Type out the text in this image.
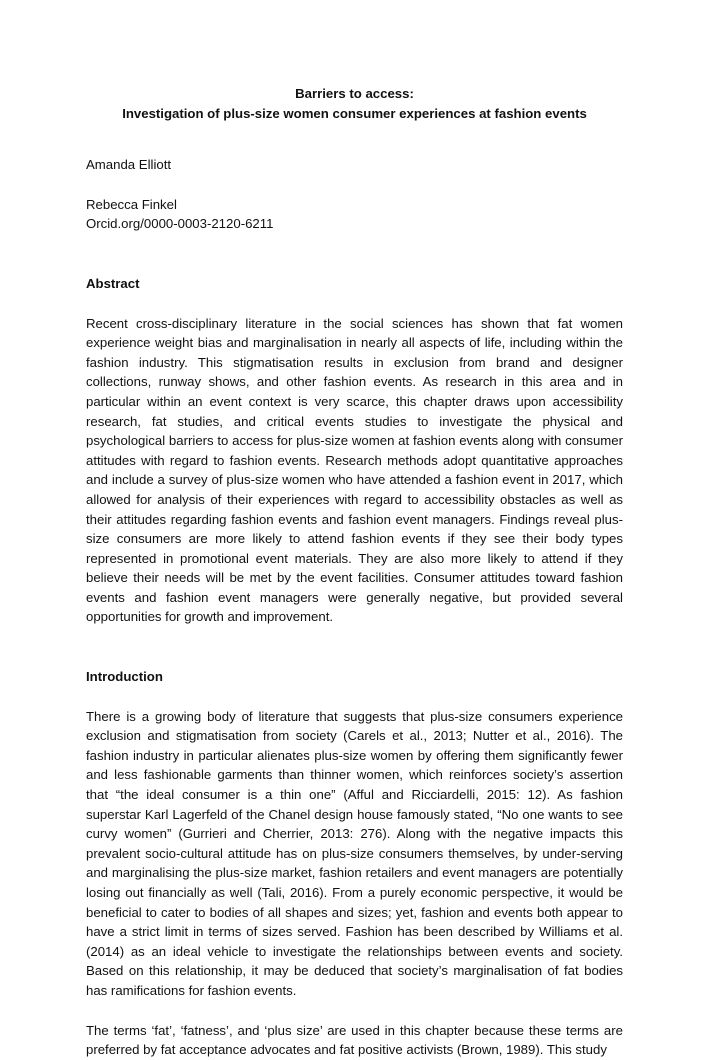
Barriers to access:

Investigation of plus-size women consumer experiences at fashion events

Amanda Elliott

Rebecca Finkel

Orcid.org/0000-0003-2120-6211

Abstract

Recent cross-disciplinary literature in the social sciences has shown that fat women experience weight bias and marginalisation in nearly all aspects of life, including within the fashion industry. This stigmatisation results in exclusion from brand and designer collections, runway shows, and other fashion events. As research in this area and in particular within an event context is very scarce, this chapter draws upon accessibility research, fat studies, and critical events studies to investigate the physical and psychological barriers to access for plus-size women at fashion events along with consumer attitudes with regard to fashion events. Research methods adopt quantitative approaches and include a survey of plus-size women who have attended a fashion event in 2017, which allowed for analysis of their experiences with regard to accessibility obstacles as well as their attitudes regarding fashion events and fashion event managers. Findings reveal plus-size consumers are more likely to attend fashion events if they see their body types represented in promotional event materials. They are also more likely to attend if they believe their needs will be met by the event facilities. Consumer attitudes toward fashion events and fashion event managers were generally negative, but provided several opportunities for growth and improvement.

Introduction

There is a growing body of literature that suggests that plus-size consumers experience exclusion and stigmatisation from society (Carels et al., 2013; Nutter et al., 2016). The fashion industry in particular alienates plus-size women by offering them significantly fewer and less fashionable garments than thinner women, which reinforces society’s assertion that “the ideal consumer is a thin one” (Afful and Ricciardelli, 2015: 12). As fashion superstar Karl Lagerfeld of the Chanel design house famously stated, “No one wants to see curvy women” (Gurrieri and Cherrier, 2013: 276). Along with the negative impacts this prevalent socio-cultural attitude has on plus-size consumers themselves, by under-serving and marginalising the plus-size market, fashion retailers and event managers are potentially losing out financially as well (Tali, 2016). From a purely economic perspective, it would be beneficial to cater to bodies of all shapes and sizes; yet, fashion and events both appear to have a strict limit in terms of sizes served. Fashion has been described by Williams et al. (2014) as an ideal vehicle to investigate the relationships between events and society. Based on this relationship, it may be deduced that society’s marginalisation of fat bodies has ramifications for fashion events.

The terms ‘fat’, ‘fatness’, and ‘plus size’ are used in this chapter because these terms are preferred by fat acceptance advocates and fat positive activists (Brown, 1989). This study
